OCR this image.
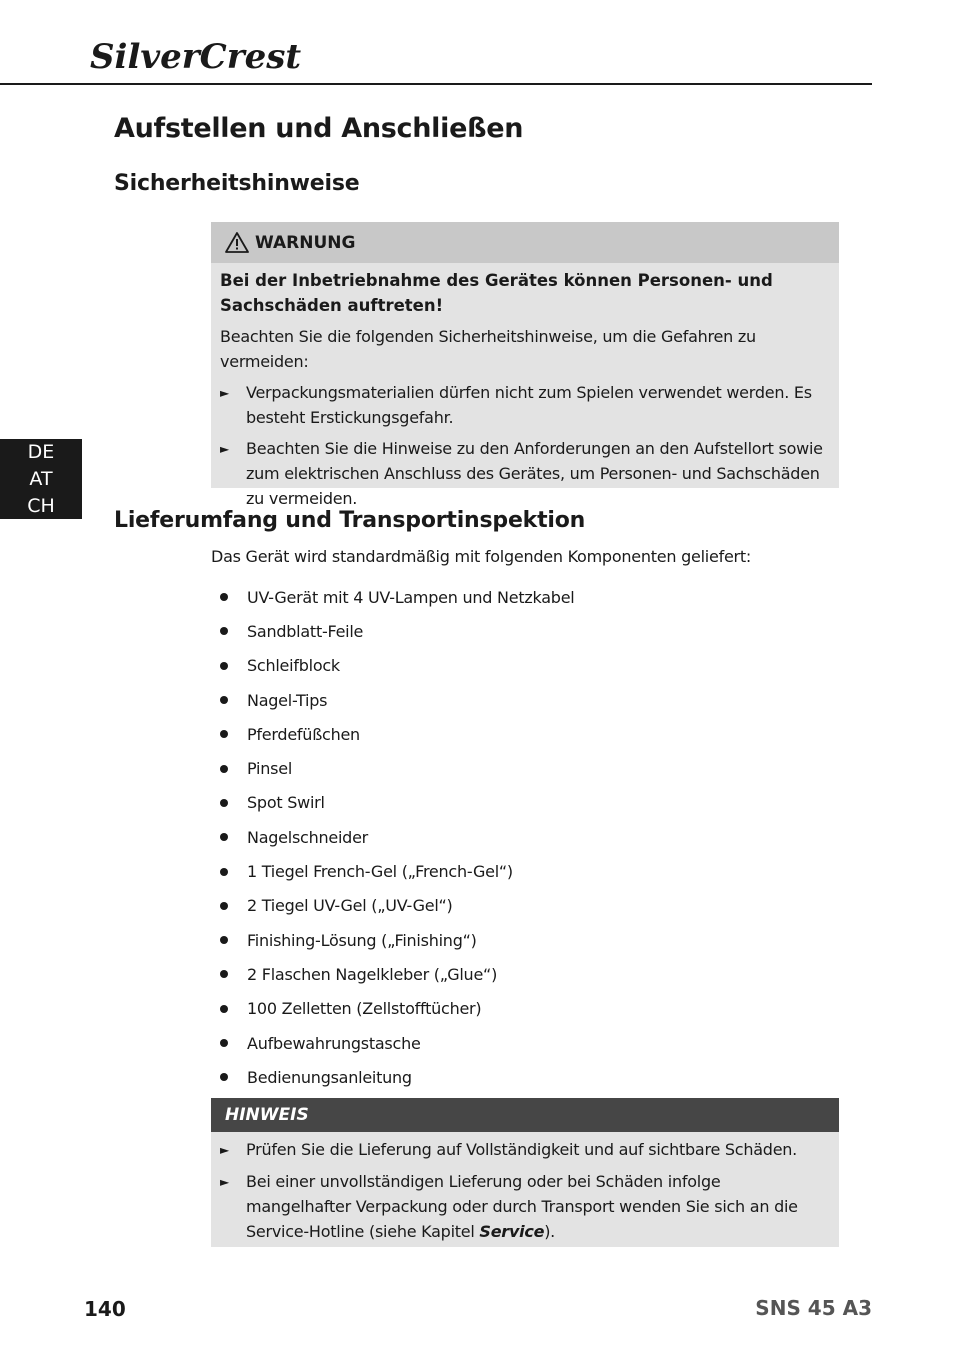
SilverCrest
DE
AT
CH
Aufstellen und Anschließen
Sicherheitshinweise
WARNUNG
Bei der Inbetriebnahme des Gerätes können Personen- und Sachschäden auftreten!
Beachten Sie die folgenden Sicherheitshinweise, um die Gefahren zu vermeiden:
►	Verpackungsmaterialien dürfen nicht zum Spielen verwendet werden. Es besteht Erstickungsgefahr.
►	Beachten Sie die Hinweise zu den Anforderungen an den Aufstellort sowie zum elektrischen Anschluss des Gerätes, um Personen- und Sachschäden zu vermeiden.
Lieferumfang und Transportinspektion
Das Gerät wird standardmäßig mit folgenden Komponenten geliefert:
UV-Gerät mit 4 UV-Lampen und Netzkabel
Sandblatt-Feile
Schleifblock
Nagel-Tips
Pferdefüßchen
Pinsel
Spot Swirl
Nagelschneider
1 Tiegel French-Gel („French-Gel“)
2 Tiegel UV-Gel („UV-Gel“)
Finishing-Lösung („Finishing“)
2 Flaschen Nagelkleber („Glue“)
100 Zelletten (Zellstofftücher)
Aufbewahrungstasche
Bedienungsanleitung
HINWEIS
►	Prüfen Sie die Lieferung auf Vollständigkeit und auf sichtbare Schäden.
►	Bei einer unvollständigen Lieferung oder bei Schäden infolge mangelhafter Verpackung oder durch Transport wenden Sie sich an die Service-Hotline (siehe Kapitel Service).
140	SNS 45 A3
